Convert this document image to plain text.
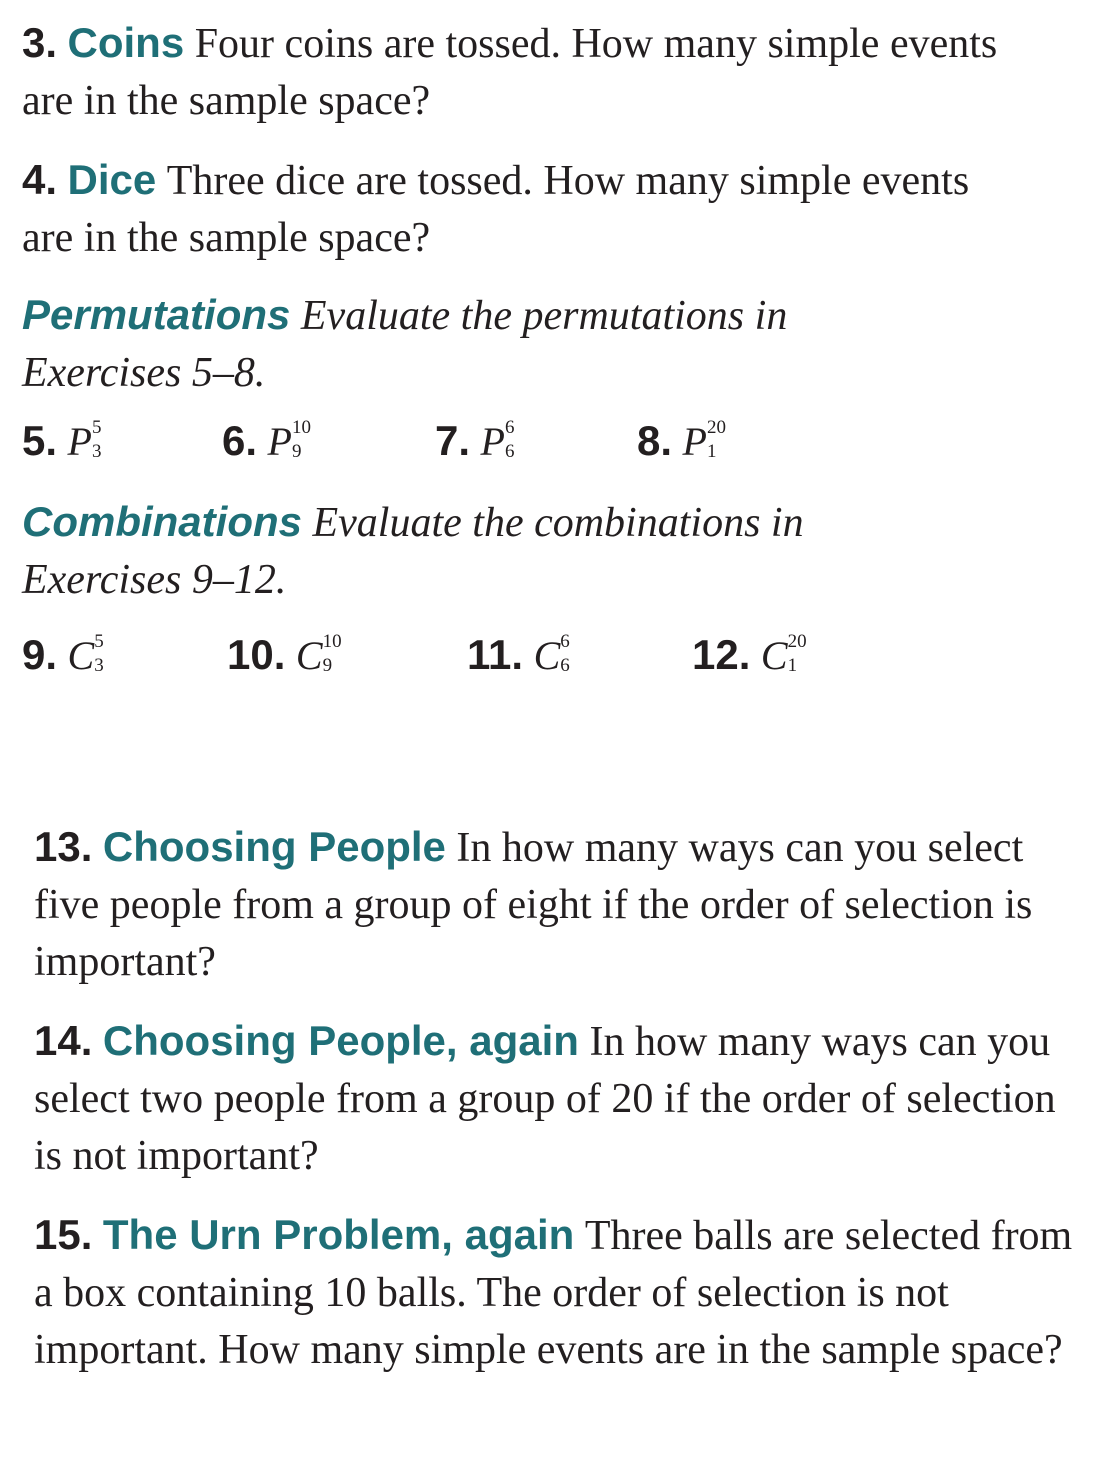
3. Coins Four coins are tossed. How many simple events are in the sample space?

4. Dice Three dice are tossed. How many simple events are in the sample space?

Permutations Evaluate the permutations in Exercises 5–8.

5. P 5
3	6. P 10
9	7. P 6
6	8. P 20
1

Combinations Evaluate the combinations in Exercises 9–12.

9. C 5
3	10. C 10
9	11. C 6
6	12. C 20
1

13. Choosing People In how many ways can you select five people from a group of eight if the order of selection is important?

14. Choosing People, again In how many ways can you select two people from a group of 20 if the order of selection is not important?

15. The Urn Problem, again Three balls are selected from a box containing 10 balls. The order of selection is not important. How many simple events are in the sample space?
